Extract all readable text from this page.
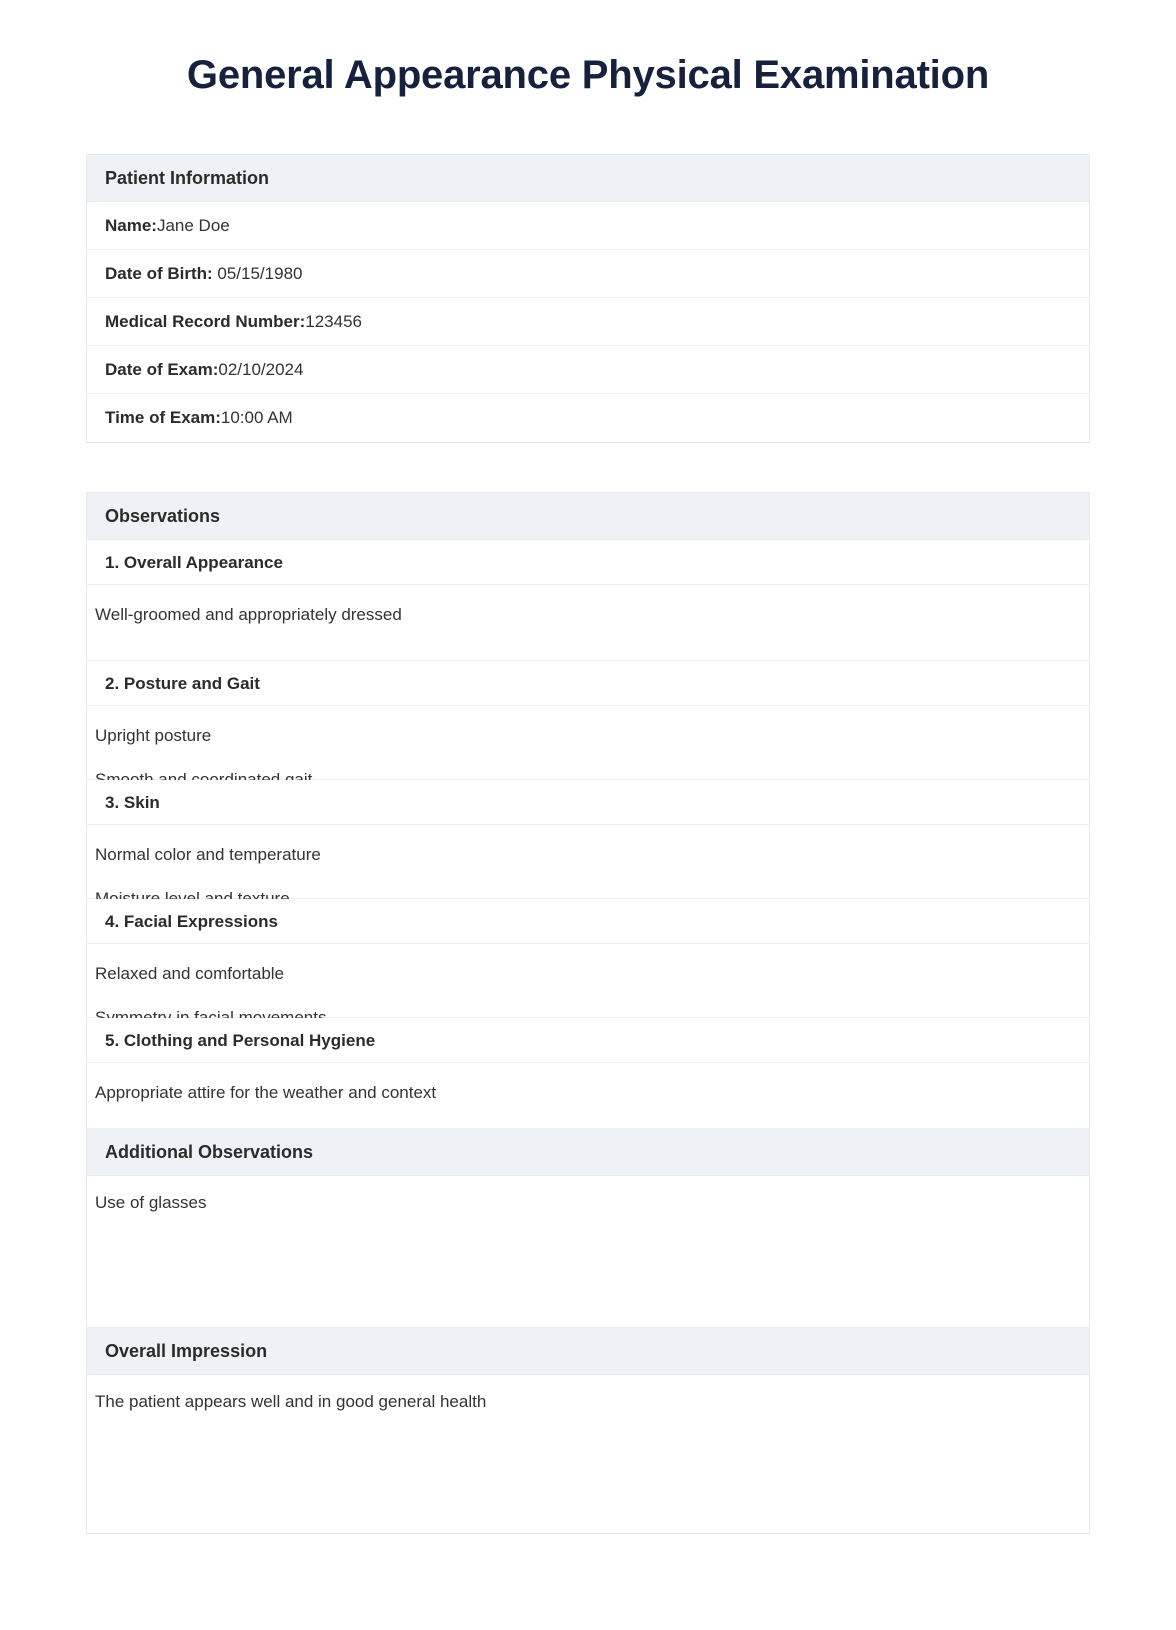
General Appearance Physical Examination
Patient Information
Name:Jane Doe
Date of Birth: 05/15/1980
Medical Record Number:123456
Date of Exam:02/10/2024
Time of Exam:10:00 AM
Observations
1. Overall Appearance
Well-groomed and appropriately dressed
2. Posture and Gait
Upright posture
3. Skin
Normal color and temperature
4. Facial Expressions
Relaxed and comfortable
5. Clothing and Personal Hygiene
Appropriate attire for the weather and context
Additional Observations
Use of glasses
Overall Impression
The patient appears well and in good general health
